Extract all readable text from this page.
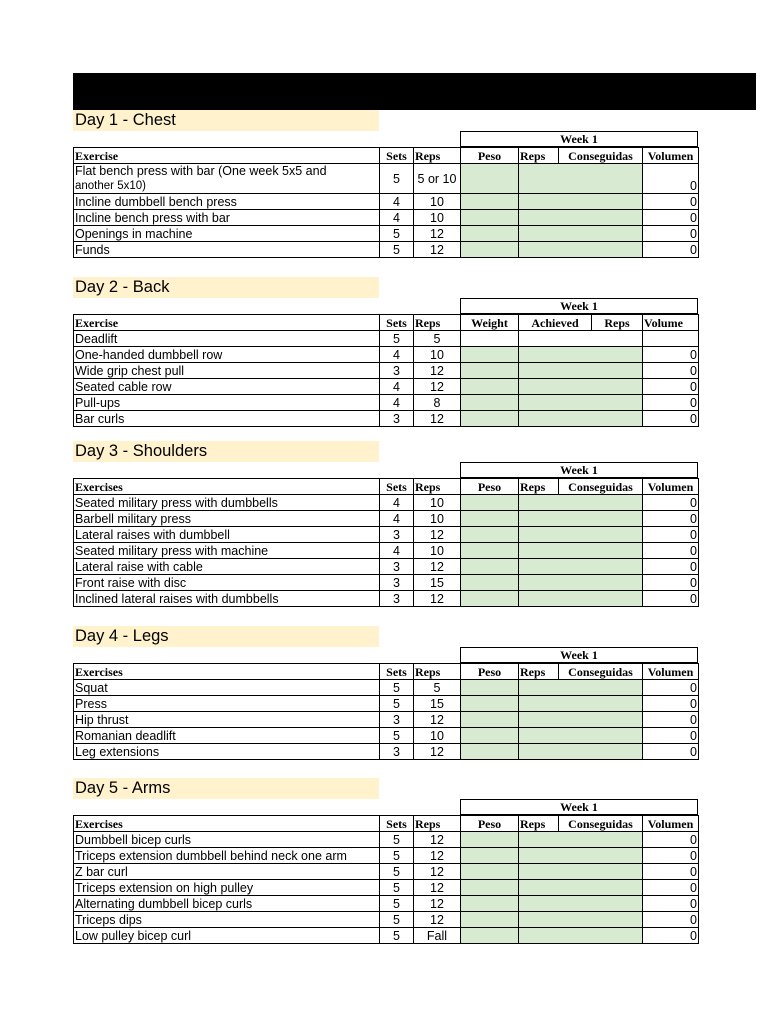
Day 1 - Chest
Week 1
Exercise	Sets	Reps	Peso	Reps	Conseguidas	Volumen
Flat bench press with bar (One week 5x5 and
another 5x10)	5	5 or 10				0
Incline dumbbell bench press	4	10				0
Incline bench press with bar	4	10				0
Openings in machine	5	12				0
Funds	5	12				0
Day 2 - Back
Week 1
Exercise	Sets	Reps	Weight	Achieved	Reps	Volume
Deadlift	5	5				
One-handed dumbbell row	4	10				0
Wide grip chest pull	3	12				0
Seated cable row	4	12				0
Pull-ups	4	8				0
Bar curls	3	12				0
Day 3 - Shoulders
Week 1
Exercises	Sets	Reps	Peso	Reps	Conseguidas	Volumen
Seated military press with dumbbells	4	10				0
Barbell military press	4	10				0
Lateral raises with dumbbell	3	12				0
Seated military press with machine	4	10				0
Lateral raise with cable	3	12				0
Front raise with disc	3	15				0
Inclined lateral raises with dumbbells	3	12				0
Day 4 - Legs
Week 1
Exercises	Sets	Reps	Peso	Reps	Conseguidas	Volumen
Squat	5	5				0
Press	5	15				0
Hip thrust	3	12				0
Romanian deadlift	5	10				0
Leg extensions	3	12				0
Day 5 - Arms
Week 1
Exercises	Sets	Reps	Peso	Reps	Conseguidas	Volumen
Dumbbell bicep curls	5	12				0
Triceps extension dumbbell behind neck one arm	5	12				0
Z bar curl	5	12				0
Triceps extension on high pulley	5	12				0
Alternating dumbbell bicep curls	5	12				0
Triceps dips	5	12				0
Low pulley bicep curl	5	Fall				0
